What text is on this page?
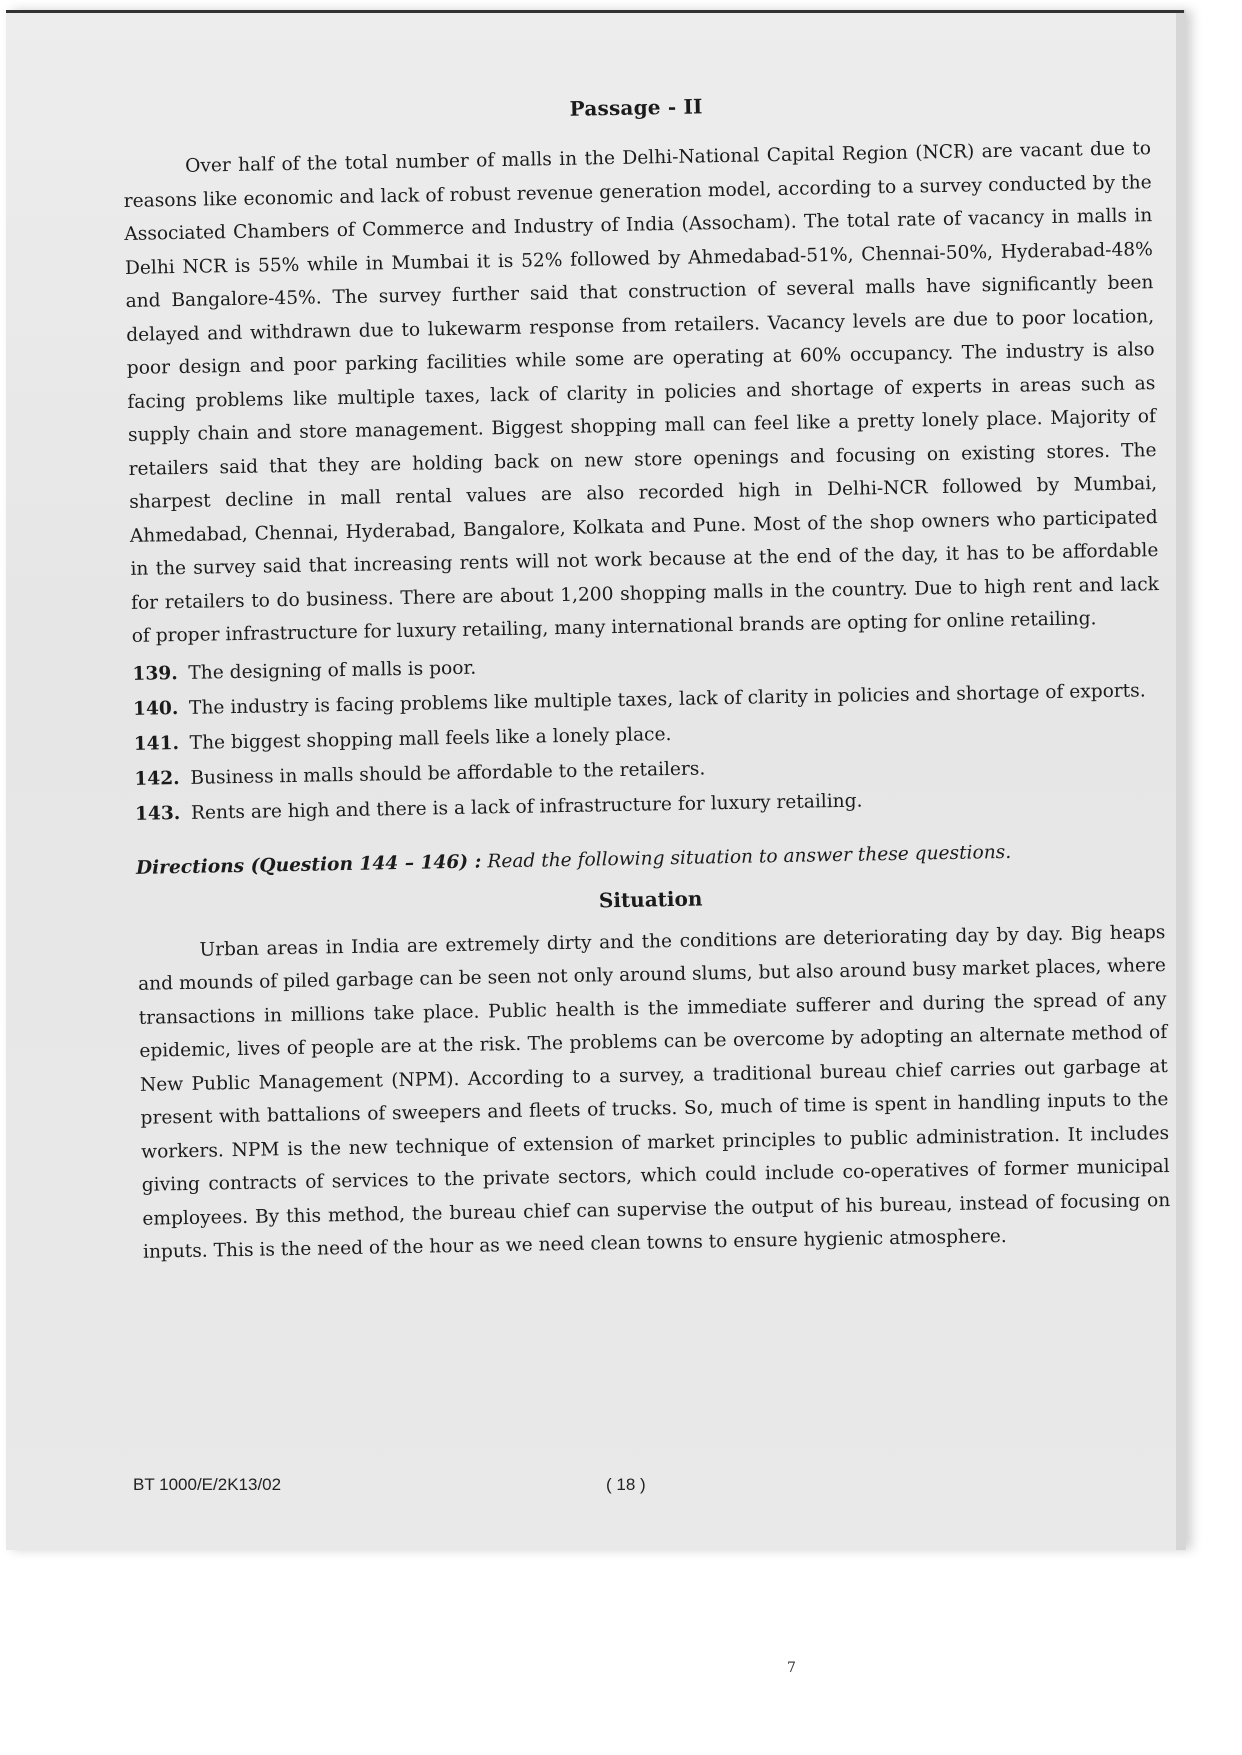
Passage - II

Over half of the total number of malls in the Delhi-National Capital Region (NCR) are vacant due to reasons like economic and lack of robust revenue generation model, according to a survey conducted by the Associated Chambers of Commerce and Industry of India (Assocham). The total rate of vacancy in malls in Delhi NCR is 55% while in Mumbai it is 52% followed by Ahmedabad-51%, Chennai-50%, Hyderabad-48% and Bangalore-45%. The survey further said that construction of several malls have significantly been delayed and withdrawn due to lukewarm response from retailers. Vacancy levels are due to poor location, poor design and poor parking facilities while some are operating at 60% occupancy. The industry is also facing problems like multiple taxes, lack of clarity in policies and shortage of experts in areas such as supply chain and store management. Biggest shopping mall can feel like a pretty lonely place. Majority of retailers said that they are holding back on new store openings and focusing on existing stores. The sharpest decline in mall rental values are also recorded high in Delhi-NCR followed by Mumbai, Ahmedabad, Chennai, Hyderabad, Bangalore, Kolkata and Pune. Most of the shop owners who participated in the survey said that increasing rents will not work because at the end of the day, it has to be affordable for retailers to do business. There are about 1,200 shopping malls in the country. Due to high rent and lack of proper infrastructure for luxury retailing, many international brands are opting for online retailing.

139. The designing of malls is poor.
140. The industry is facing problems like multiple taxes, lack of clarity in policies and shortage of exports.
141. The biggest shopping mall feels like a lonely place.
142. Business in malls should be affordable to the retailers.
143. Rents are high and there is a lack of infrastructure for luxury retailing.
Directions (Question 144 – 146) : Read the following situation to answer these questions.
Situation

Urban areas in India are extremely dirty and the conditions are deteriorating day by day. Big heaps and mounds of piled garbage can be seen not only around slums, but also around busy market places, where transactions in millions take place. Public health is the immediate sufferer and during the spread of any epidemic, lives of people are at the risk. The problems can be overcome by adopting an alternate method of New Public Management (NPM). According to a survey, a traditional bureau chief carries out garbage at present with battalions of sweepers and fleets of trucks. So, much of time is spent in handling inputs to the workers. NPM is the new technique of extension of market principles to public administration. It includes giving contracts of services to the private sectors, which could include co-operatives of former municipal employees. By this method, the bureau chief can supervise the output of his bureau, instead of focusing on inputs. This is the need of the hour as we need clean towns to ensure hygienic atmosphere.

BT 1000/E/2K13/02	( 18 )
7
